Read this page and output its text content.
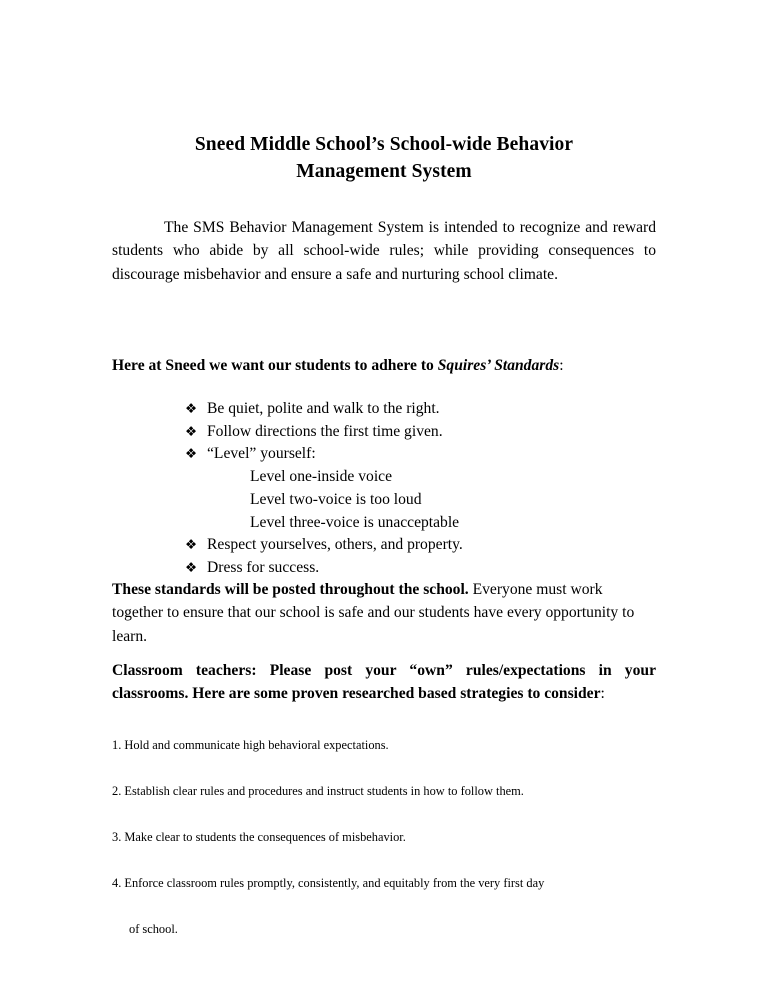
Sneed Middle School’s School-wide Behavior
Management System

The SMS Behavior Management System is intended to recognize and reward students who abide by all school-wide rules; while providing consequences to discourage misbehavior and ensure a safe and nurturing school climate.

Here at Sneed we want our students to adhere to Squires’ Standards:

❖ Be quiet, polite and walk to the right.
❖ Follow directions the first time given.
❖ “Level” yourself:
Level one-inside voice
Level two-voice is too loud
Level three-voice is unacceptable
❖ Respect yourselves, others, and property.
❖ Dress for success.

These standards will be posted throughout the school. Everyone must work together to ensure that our school is safe and our students have every opportunity to learn.

Classroom teachers: Please post your “own” rules/expectations in your classrooms. Here are some proven researched based strategies to consider:

1. Hold and communicate high behavioral expectations.
2. Establish clear rules and procedures and instruct students in how to follow them.
3. Make clear to students the consequences of misbehavior.
4. Enforce classroom rules promptly, consistently, and equitably from the very first day
of school.
